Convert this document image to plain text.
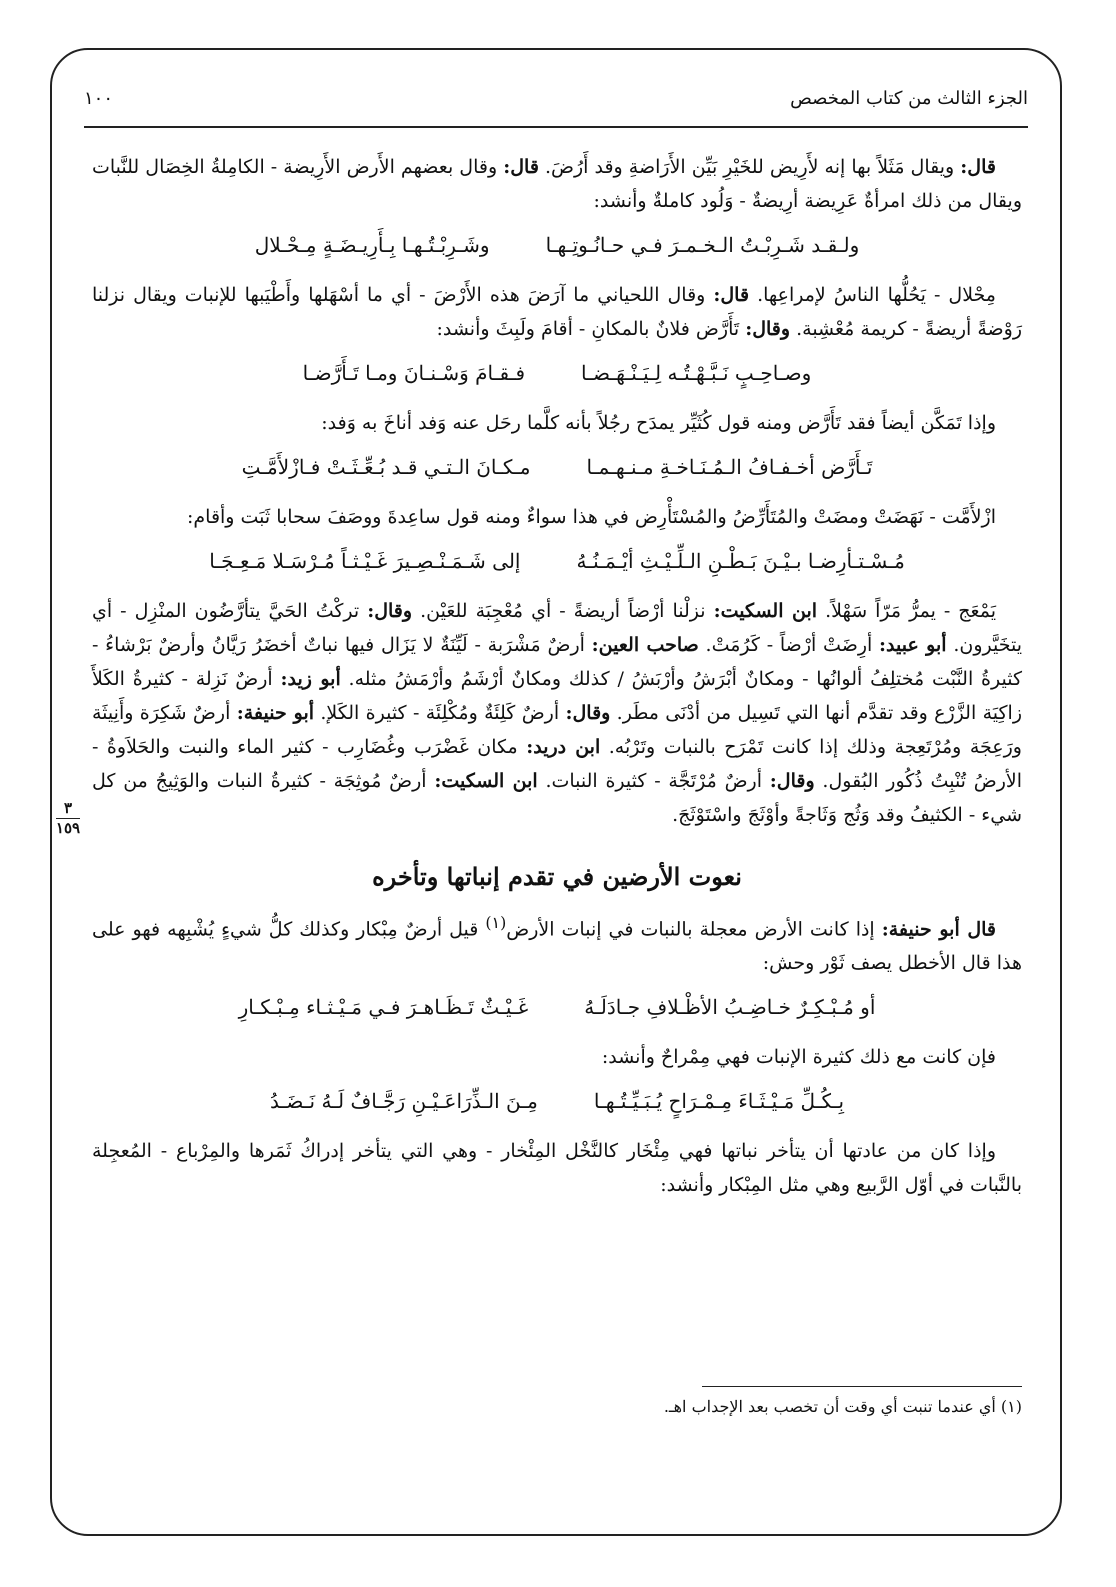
الجزء الثالث من كتاب المخصص
١٠٠
٣
١٥٩

قال: ويقال مَثَلاً بها إنه لأَرِيض للخَيْرِ بَيِّن الأَرَاضةِ وقد أَرُضَ. قال: وقال بعضهم الأَرض الأَرِيضة - الكامِلةُ الخِصَال للنَّبات ويقال من ذلك امرأةٌ عَرِيضة أرِيضةٌ - وَلُود كاملةٌ وأنشد:

ولـقـد شَـرِبْـتُ الـخـمـرَ فـي حـانُـوتِـهـا
وشَـرِبْـتُـهـا بِـأَرِيـضَـةٍ مِـحْـلال

مِحْلال - يَحُلُّها الناسُ لإمراعِها. قال: وقال اللحياني ما آرَضَ هذه الأَرْضَ - أي ما أسْهَلها وأَطْيَبها للإنبات ويقال نزلنا رَوْضةً أريضةً - كريمة مُعْشِبة. وقال: تَأَرَّض فلانٌ بالمكانِ - أقامَ ولَبِثَ وأنشد:

وصـاحِـبٍ نَـبَّـهْـتُـه لِـيَـنْـهَـضـا
فـقـامَ وَسْـنـانَ ومـا تَـأَرَّضـا

وإذا تَمَكَّن أيضاً فقد تَأَرَّض ومنه قول كُثَيِّر يمدَح رجُلاً بأنه كلَّما رحَل عنه وَفد أناخَ به وَفد:

تَـأَرَّض أخـفـافُ الـمُـنَـاخـةِ مـنـهـمـا
مـكـانَ الـتـي قـد بُـعِّـثَـتْ فـازْلأَمَّـتِ

ازْلأَمَّت - نَهَضَتْ ومضَتْ والمُتَأَرِّضُ والمُسْتَأْرِض في هذا سواءٌ ومنه قول ساعِدةَ ووصَفَ سحابا ثَبَت وأقام:

مُـسْـتـأرِضـا بـيْـنَ بَـطْـنِ الـلِّـيْـثِ أيْـمَـنُـهُ
إلى شَـمَـنْـصِـيرَ غَـيْـثـاً مُـرْسَـلا مَـعِـجَـا

يَمْعَج - يمرُّ مَرّاً سَهْلاً. ابن السكيت: نزلْنا أرْضاً أريضةً - أي مُعْجِبَة للعَيْن. وقال: تركْتُ الحَيَّ يتأرَّضُون المنْزِل - أي يتخَيَّرون. أبو عبيد: أرِضَتْ أرْضاً - كَرُمَتْ. صاحب العين: أرضٌ مَشْرَبة - لَيِّنَةٌ لا يَزَال فيها نباتٌ أخضَرُ رَيَّانُ وأرضٌ بَرْشاءُ - كثيرةُ النَّبْت مُختلِفُ ألوانُها - ومكانٌ أبْرَشُ وأرْبَشُ / كذلك ومكانٌ أرْشَمُ وأرْمَشُ مثله. أبو زيد: أرضٌ نَزِلة - كثيرةُ الكَلأَ زاكِيَة الزَّرْع وقد تقدَّم أنها التي تَسِيل من أدْنَى مطَر. وقال: أرضٌ كَلِئَةٌ ومُكْلِئَة - كثيرة الكَلإ. أبو حنيفة: أرضٌ شَكِرَة وأَنِيثَة ورَعِجَة ومُرْتَعِجة وذلك إذا كانت تَمْرَح بالنبات وتَرْبُه. ابن دريد: مكان غَضْرَب وغُضَارِب - كثير الماء والنبت والحَلاَوةُ - الأرضُ تُنْبِتُ ذُكُور البُقول. وقال: أرضٌ مُرْتَجَّة - كثيرة النبات. ابن السكيت: أرضٌ مُوثِجَة - كثيرةُ النبات والوَثِيجُ من كل شيء - الكثيفُ وقد وَثُج وَثَاجةً وأوْثَجَ واسْتَوْثَجَ.

نعوت الأرضين في تقدم إنباتها وتأخره

قال أبو حنيفة: إذا كانت الأرض معجلة بالنبات في إنبات الأرض$^{(١)}$ قيل أرضٌ مِبْكار وكذلك كلُّ شيءٍ يُشْبِهه فهو على هذا قال الأخطل يصف ثَوْر وحش:

أو مُـبْـكِـرٌ خـاضِـبُ الأظْـلافِ جـادَلَـهُ
غَـيْـثٌ تَـظَـاهـرَ فـي مَـيْـثـاء مِـبْـكـارِ

فإن كانت مع ذلك كثيرة الإنبات فهي مِمْراحٌ وأنشد:

بِـكُـلِّ مَـيْـثَـاءَ مِـمْـرَاحٍ يُـبَـيِّـتُـهـا
مِـنَ الـذِّرَاعَـيْـنِ رَجَّـافٌ لَـهُ نَـضَـدُ

وإذا كان من عادتها أن يتأخر نباتها فهي مِئْخَار كالنَّخْل المِئْخار - وهي التي يتأخر إدراكُ ثَمَرها والمِرْباع - المُعجِلة بالنَّبات في أوّل الرَّبيع وهي مثل المِبْكار وأنشد:

(١) أي عندما تنبت أي وقت أن تخصب بعد الإجداب اهـ.
